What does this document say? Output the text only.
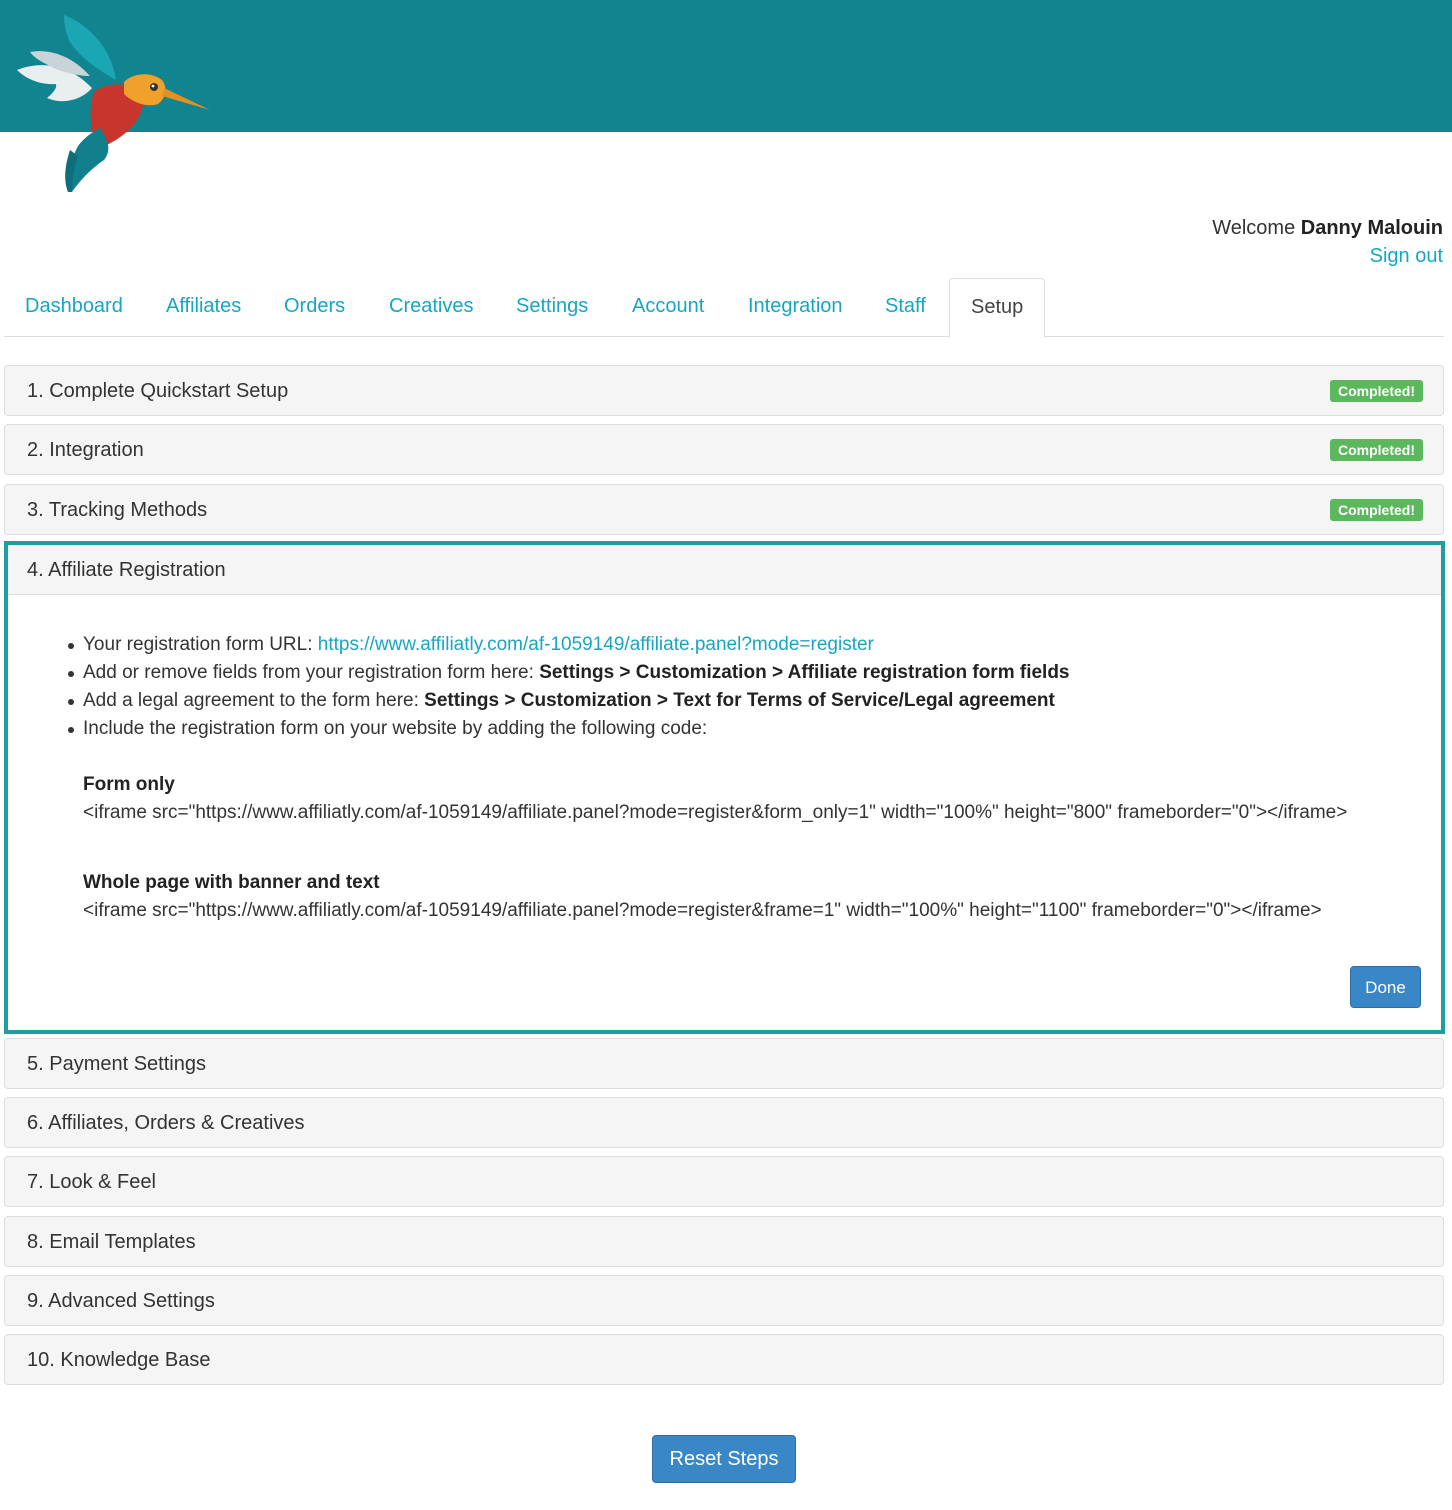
Welcome Danny Malouin
Sign out
Dashboard	Affiliates	Orders	Creatives	Settings	Account	Integration	Staff	Setup
1. Complete Quickstart Setup	Completed!
2. Integration	Completed!
3. Tracking Methods	Completed!
4. Affiliate Registration
Your registration form URL: https://www.affiliatly.com/af-1059149/affiliate.panel?mode=register
Add or remove fields from your registration form here: Settings > Customization > Affiliate registration form fields
Add a legal agreement to the form here: Settings > Customization > Text for Terms of Service/Legal agreement
Include the registration form on your website by adding the following code:
Form only
<iframe src="https://www.affiliatly.com/af-1059149/affiliate.panel?mode=register&form_only=1" width="100%" height="800" frameborder="0"></iframe>
Whole page with banner and text
<iframe src="https://www.affiliatly.com/af-1059149/affiliate.panel?mode=register&frame=1" width="100%" height="1100" frameborder="0"></iframe>
Done
5. Payment Settings
6. Affiliates, Orders & Creatives
7. Look & Feel
8. Email Templates
9. Advanced Settings
10. Knowledge Base
Reset Steps
